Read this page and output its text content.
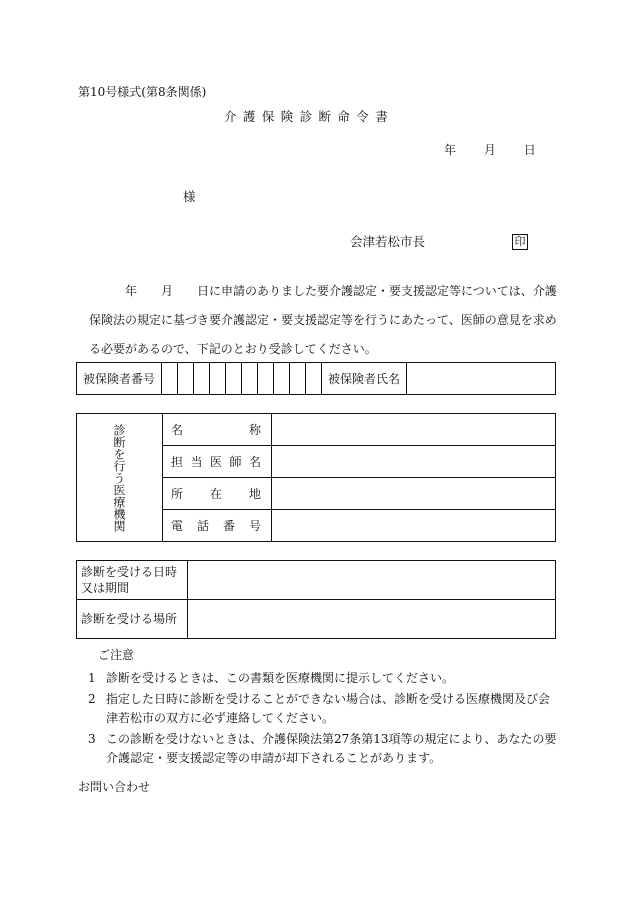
第10号様式(第8条関係)
介護保険診断命令書
年 月 日
様
会津若松市長	印
年　　月　　日に申請のありました要介護認定・要支援認定等については、介護
保険法の規定に基づき要介護認定・要支援認定等を行うにあたって、医師の意見を求め
る必要があるので、下記のとおり受診してください。
被保険者番号											被保険者氏名	
診断を行う医療機関	名 称	

	担 当 医 師 名	

	所 在 地	

	電 話 番 号	

診断を受ける日時
又は期間	

診断を受ける場所	
ご注意
1 診断を受けるときは、この書類を医療機関に提示してください。
2 指定した日時に診断を受けることができない場合は、診断を受ける医療機関及び会津若松市の双方に必ず連絡してください。
3 この診断を受けないときは、介護保険法第27条第13項等の規定により、あなたの要介護認定・要支援認定等の申請が却下されることがあります。
お問い合わせ
